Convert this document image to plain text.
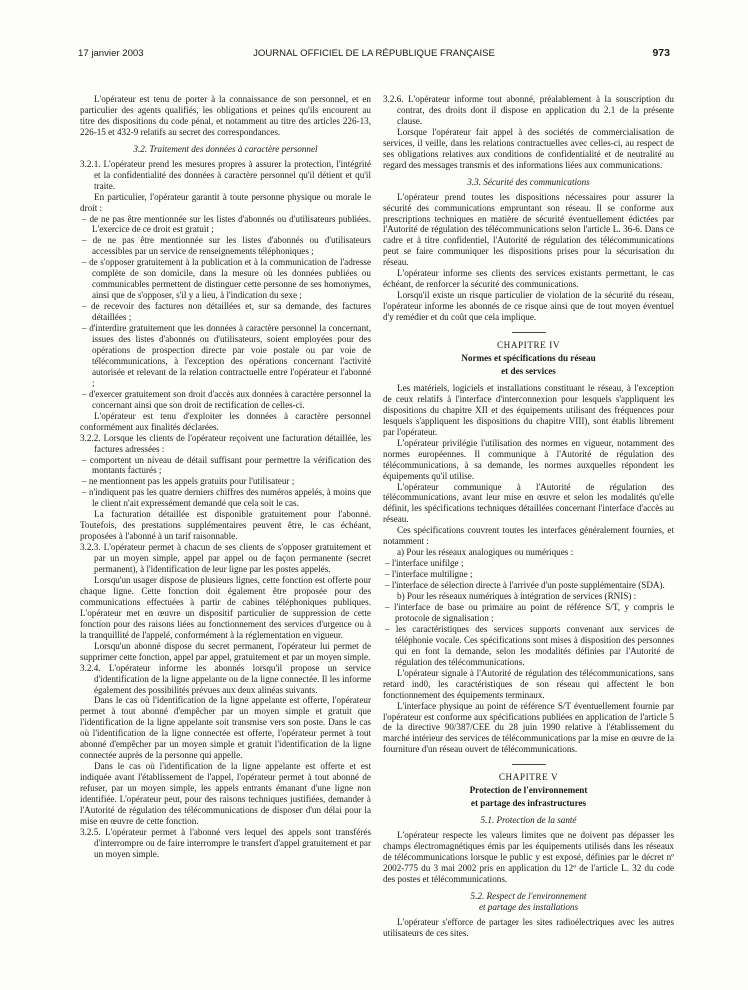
17 janvier 2003	JOURNAL OFFICIEL DE LA RÉPUBLIQUE FRANÇAISE	973

L'opérateur est tenu de porter à la connaissance de son personnel, et en particulier des agents qualifiés, les obligations et peines qu'ils encourent au titre des dispositions du code pénal, et notamment au titre des articles 226-13, 226-15 et 432-9 relatifs au secret des correspondances.

3.2. Traitement des données à caractère personnel

3.2.1. L'opérateur prend les mesures propres à assurer la protection, l'intégrité et la confidentialité des données à caractère personnel qu'il détient et qu'il traite.

En particulier, l'opérateur garantit à toute personne physique ou morale le droit :

– de ne pas être mentionnée sur les listes d'abonnés ou d'utilisateurs publiées. L'exercice de ce droit est gratuit ;

– de ne pas être mentionnée sur les listes d'abonnés ou d'utilisateurs accessibles par un service de renseignements téléphoniques ;

– de s'opposer gratuitement à la publication et à la communication de l'adresse complète de son domicile, dans la mesure où les données publiées ou communicables permettent de distinguer cette personne de ses homonymes, ainsi que de s'opposer, s'il y a lieu, à l'indication du sexe ;

– de recevoir des factures non détaillées et, sur sa demande, des factures détaillées ;

– d'interdire gratuitement que les données à caractère personnel la concernant, issues des listes d'abonnés ou d'utilisateurs, soient employées pour des opérations de prospection directe par voie postale ou par voie de télécommunications, à l'exception des opérations concernant l'activité autorisée et relevant de la relation contractuelle entre l'opérateur et l'abonné ;

– d'exercer gratuitement son droit d'accès aux données à caractère personnel la concernant ainsi que son droit de rectification de celles-ci.

L'opérateur est tenu d'exploiter les données à caractère personnel conformément aux finalités déclarées.

3.2.2. Lorsque les clients de l'opérateur reçoivent une facturation détaillée, les factures adressées :

– comportent un niveau de détail suffisant pour permettre la vérification des montants facturés ;

– ne mentionnent pas les appels gratuits pour l'utilisateur ;

– n'indiquent pas les quatre derniers chiffres des numéros appelés, à moins que le client n'ait expressément demandé que cela soit le cas.

La facturation détaillée est disponible gratuitement pour l'abonné. Toutefois, des prestations supplémentaires peuvent être, le cas échéant, proposées à l'abonné à un tarif raisonnable.

3.2.3. L'opérateur permet à chacun de ses clients de s'opposer gratuitement et par un moyen simple, appel par appel ou de façon permanente (secret permanent), à l'identification de leur ligne par les postes appelés.

Lorsqu'un usager dispose de plusieurs lignes, cette fonction est offerte pour chaque ligne. Cette fonction doit également être proposée pour des communications effectuées à partir de cabines téléphoniques publiques. L'opérateur met en œuvre un dispositif particulier de suppression de cette fonction pour des raisons liées au fonctionnement des services d'urgence ou à la tranquillité de l'appelé, conformément à la réglementation en vigueur.

Lorsqu'un abonné dispose du secret permanent, l'opérateur lui permet de supprimer cette fonction, appel par appel, gratuitement et par un moyen simple.

3.2.4. L'opérateur informe les abonnés lorsqu'il propose un service d'identification de la ligne appelante ou de la ligne connectée. Il les informe également des possibilités prévues aux deux alinéas suivants.

Dans le cas où l'identification de la ligne appelante est offerte, l'opérateur permet à tout abonné d'empêcher par un moyen simple et gratuit que l'identification de la ligne appelante soit transmise vers son poste. Dans le cas où l'identification de la ligne connectée est offerte, l'opérateur permet à tout abonné d'empêcher par un moyen simple et gratuit l'identification de la ligne connectée auprès de la personne qui appelle.

Dans le cas où l'identification de la ligne appelante est offerte et est indiquée avant l'établissement de l'appel, l'opérateur permet à tout abonné de refuser, par un moyen simple, les appels entrants émanant d'une ligne non identifiée. L'opérateur peut, pour des raisons techniques justifiées, demander à l'Autorité de régulation des télécommunications de disposer d'un délai pour la mise en œuvre de cette fonction.

3.2.5. L'opérateur permet à l'abonné vers lequel des appels sont transférés d'interrompre ou de faire interrompre le transfert d'appel gratuitement et par un moyen simple.

3.2.6. L'opérateur informe tout abonné, préalablement à la souscription du contrat, des droits dont il dispose en application du 2.1 de la présente clause.

Lorsque l'opérateur fait appel à des sociétés de commercialisation de services, il veille, dans les relations contractuelles avec celles-ci, au respect de ses obligations relatives aux conditions de confidentialité et de neutralité au regard des messages transmis et des informations liées aux communications.

3.3. Sécurité des communications

L'opérateur prend toutes les dispositions nécessaires pour assurer la sécurité des communications empruntant son réseau. Il se conforme aux prescriptions techniques en matière de sécurité éventuellement édictées par l'Autorité de régulation des télécommunications selon l'article L. 36-6. Dans ce cadre et à titre confidentiel, l'Autorité de régulation des télécommunications peut se faire communiquer les dispositions prises pour la sécurisation du réseau.

L'opérateur informe ses clients des services existants permettant, le cas échéant, de renforcer la sécurité des communications.

Lorsqu'il existe un risque particulier de violation de la sécurité du réseau, l'opérateur informe les abonnés de ce risque ainsi que de tout moyen éventuel d'y remédier et du coût que cela implique.

CHAPITRE IV

Normes et spécifications du réseau

et des services

Les matériels, logiciels et installations constituant le réseau, à l'exception de ceux relatifs à l'interface d'interconnexion pour lesquels s'appliquent les dispositions du chapitre XII et des équipements utilisant des fréquences pour lesquels s'appliquent les dispositions du chapitre VIII), sont établis librement par l'opérateur.

L'opérateur privilégie l'utilisation des normes en vigueur, notamment des normes européennes. Il communique à l'Autorité de régulation des télécommunications, à sa demande, les normes auxquelles répondent les équipements qu'il utilise.

L'opérateur communique à l'Autorité de régulation des télécommunications, avant leur mise en œuvre et selon les modalités qu'elle définit, les spécifications techniques détaillées concernant l'interface d'accès au réseau.

Ces spécifications couvrent toutes les interfaces généralement fournies, et notamment :

a) Pour les réseaux analogiques ou numériques :

– l'interface unifilge ;

– l'interface multiligne ;

– l'interface de sélection directe à l'arrivée d'un poste supplémentaire (SDA).

b) Pour les réseaux numériques à intégration de services (RNIS) :

– l'interface de base ou primaire au point de référence S/T, y compris le protocole de signalisation ;

– les caractéristiques des services supports convenant aux services de téléphonie vocale. Ces spécifications sont mises à disposition des personnes qui en font la demande, selon les modalités définies par l'Autorité de régulation des télécommunications.

L'opérateur signale à l'Autorité de régulation des télécommunications, sans retard ind0, les caractéristiques de son réseau qui affectent le bon fonctionnement des équipements terminaux.

L'interface physique au point de référence S/T éventuellement fournie par l'opérateur est conforme aux spécifications publiées en application de l'article 5 de la directive 90/387/CEE du 28 juin 1990 relative à l'établissement du marché intérieur des services de télécommunications par la mise en œuvre de la fourniture d'un réseau ouvert de télécommunications.

CHAPITRE V

Protection de l'environnement

et partage des infrastructures

5.1. Protection de la santé

L'opérateur respecte les valeurs limites que ne doivent pas dépasser les champs électromagnétiques émis par les équipements utilisés dans les réseaux de télécommunications lorsque le public y est exposé, définies par le décret nº 2002-775 du 3 mai 2002 pris en application du 12º de l'article L. 32 du code des postes et télécommunications.

5.2. Respect de l'environnement

et partage des installations

L'opérateur s'efforce de partager les sites radioélectriques avec les autres utilisateurs de ces sites.
